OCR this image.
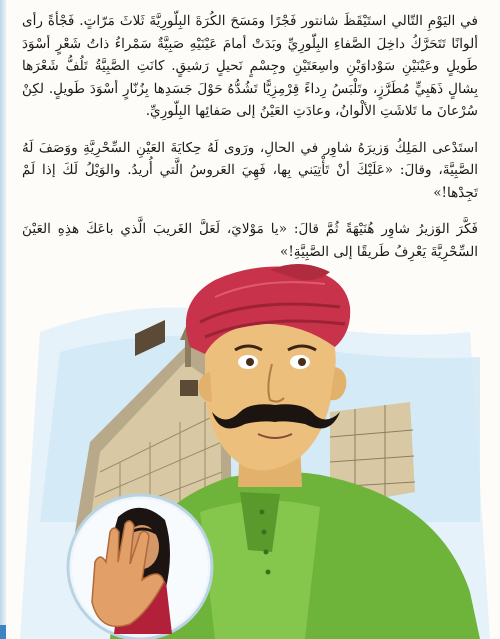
في اليَوْمِ التّالي استَيْقَظَ شانتور فَجْرًا ومَسَحَ الكُرَةَ البِلّورِيَّةَ ثَلاثَ مَرّاتٍ. فَجْأةً رأى ألوانًا تَتَحَرَّكُ داخِلَ الصَّفاءِ البِلّورِيِّ وبَدَتْ أمامَ عَيْنَيْهِ صَبِيَّةٌ سَمْراءُ ذاتُ شَعْرٍ أسْوَدَ طَويلٍ وعَيْنَيْنِ سَوْداوَيْنِ واسِعَتَيْنِ وجِسْمٍ نَحيلٍ رَشيقٍ. كانَتِ الصَّبِيَّةُ تَلُفُّ شَعْرَها بِشالٍ ذَهَبِيٍّ مُطَرَّزٍ، وتَلْبَسُ رِداءً قِرْمِزِيًّا تَشُدُّهُ حَوْلَ جَسَدِها بِزُنّارٍ أسْوَدَ طَويلٍ. لكِنْ سُرْعانَ ما تَلاشَتِ الألْوانُ، وعادَتِ العَيْنُ إلى صَفائِها البِلّورِيِّ.

استَدْعى المَلِكُ وَزيرَهُ شاوِر في الحالِ، ورَوى لَهُ حِكايَةَ العَيْنِ السِّحْرِيَّةِ ووَصَفَ لَهُ الصَّبِيَّةَ، وقالَ: «عَلَيْكَ أنْ تَأْتِيَني بِها، فَهِيَ العَروسُ الَّتي أُريدُ. والوَيْلُ لَكَ إذا لَمْ تَجِدْها!»

فَكَّرَ الوَزيرُ شاوِر هُنَيْهَةً ثُمَّ قالَ: «يا مَوْلايَ، لَعَلَّ الغَريبَ الَّذي باعَكَ هذِهِ العَيْنَ السِّحْرِيَّةَ يَعْرِفُ طَريقًا إلى الصَّبِيَّةِ!»
